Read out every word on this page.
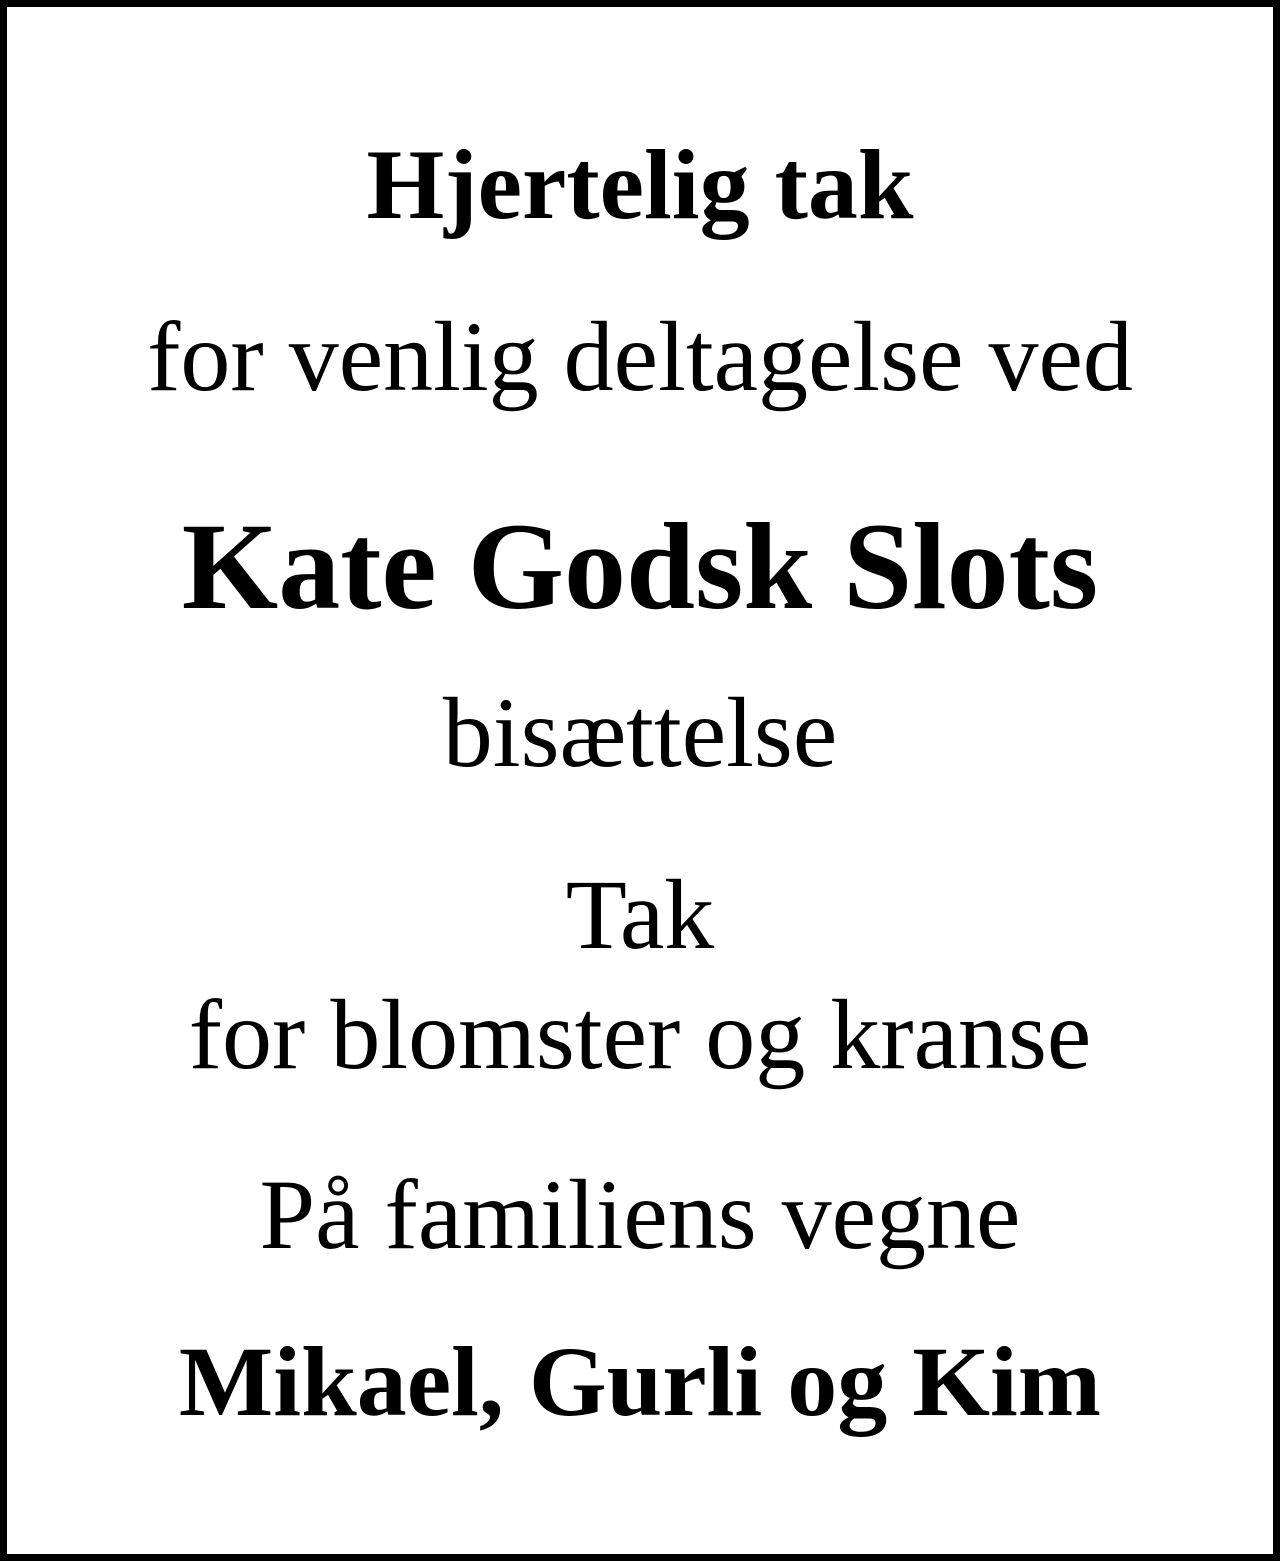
Hjertelig tak
for venlig deltagelse ved
Kate Godsk Slots
bisættelse
Tak
for blomster og kranse
På familiens vegne
Mikael, Gurli og Kim
